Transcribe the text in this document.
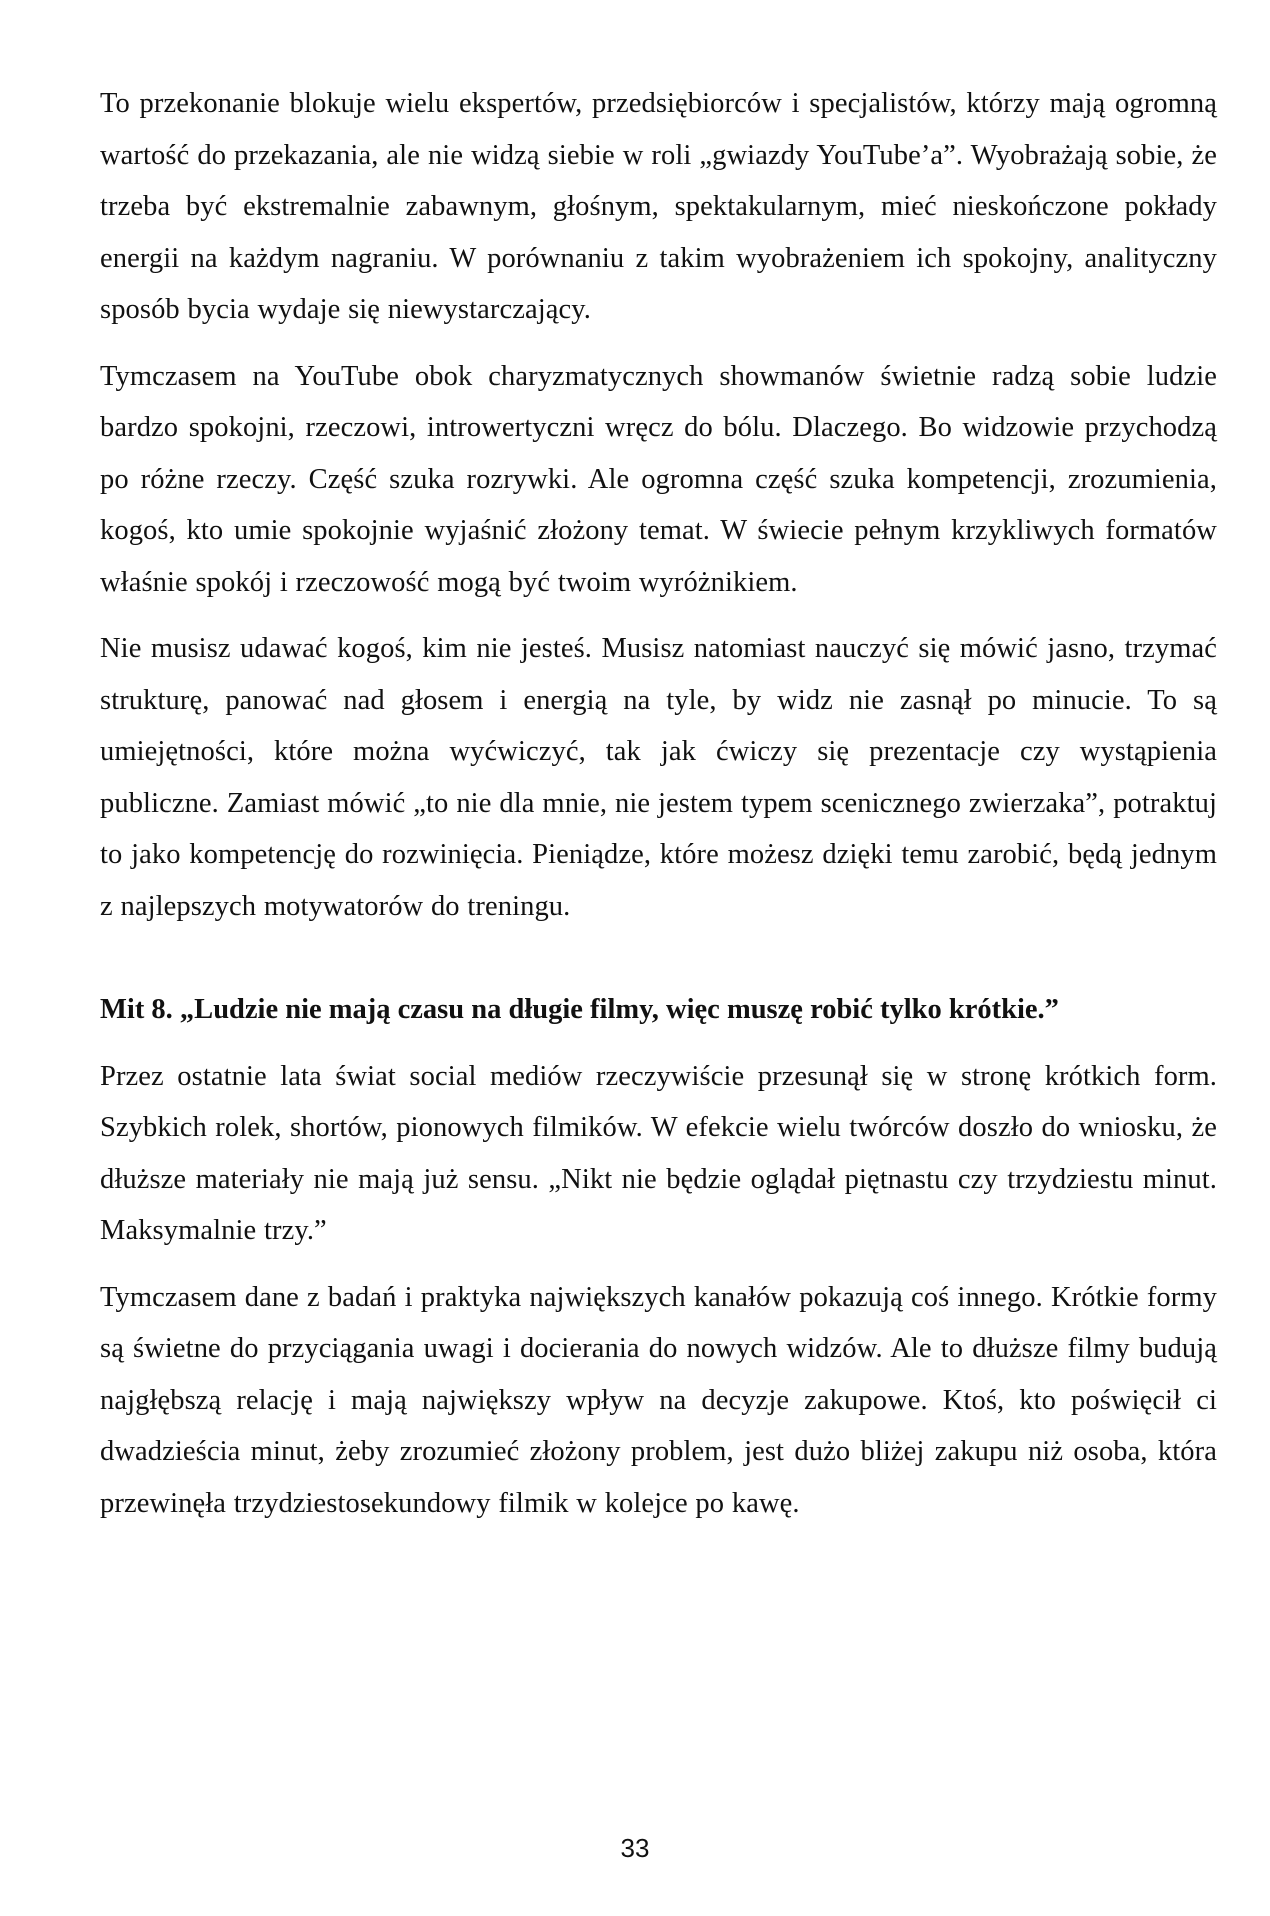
To przekonanie blokuje wielu ekspertów, przedsiębiorców i specjalistów, którzy mają ogromną wartość do przekazania, ale nie widzą siebie w roli „gwiazdy YouTube’a”. Wyobrażają sobie, że trzeba być ekstremalnie zabawnym, głośnym, spektakularnym, mieć nieskończone pokłady energii na każdym nagraniu. W porównaniu z takim wyobrażeniem ich spokojny, analityczny sposób bycia wydaje się niewystarczający.

Tymczasem na YouTube obok charyzmatycznych showmanów świetnie radzą sobie ludzie bardzo spokojni, rzeczowi, introwertyczni wręcz do bólu. Dlaczego. Bo widzowie przychodzą po różne rzeczy. Część szuka rozrywki. Ale ogromna część szuka kompetencji, zrozumienia, kogoś, kto umie spokojnie wyjaśnić złożony temat. W świecie pełnym krzykliwych formatów właśnie spokój i rzeczowość mogą być twoim wyróżnikiem.

Nie musisz udawać kogoś, kim nie jesteś. Musisz natomiast nauczyć się mówić jasno, trzymać strukturę, panować nad głosem i energią na tyle, by widz nie zasnął po minucie. To są umiejętności, które można wyćwiczyć, tak jak ćwiczy się prezentacje czy wystąpienia publiczne. Zamiast mówić „to nie dla mnie, nie jestem typem scenicznego zwierzaka”, potraktuj to jako kompetencję do rozwinięcia. Pieniądze, które możesz dzięki temu zarobić, będą jednym z najlepszych motywatorów do treningu.

Mit 8. „Ludzie nie mają czasu na długie filmy, więc muszę robić tylko krótkie.”

Przez ostatnie lata świat social mediów rzeczywiście przesunął się w stronę krótkich form. Szybkich rolek, shortów, pionowych filmików. W efekcie wielu twórców doszło do wniosku, że dłuższe materiały nie mają już sensu. „Nikt nie będzie oglądał piętnastu czy trzydziestu minut. Maksymalnie trzy.”

Tymczasem dane z badań i praktyka największych kanałów pokazują coś innego. Krótkie formy są świetne do przyciągania uwagi i docierania do nowych widzów. Ale to dłuższe filmy budują najgłębszą relację i mają największy wpływ na decyzje zakupowe. Ktoś, kto poświęcił ci dwadzieścia minut, żeby zrozumieć złożony problem, jest dużo bliżej zakupu niż osoba, która przewinęła trzydziestosekundowy filmik w kolejce po kawę.

33
